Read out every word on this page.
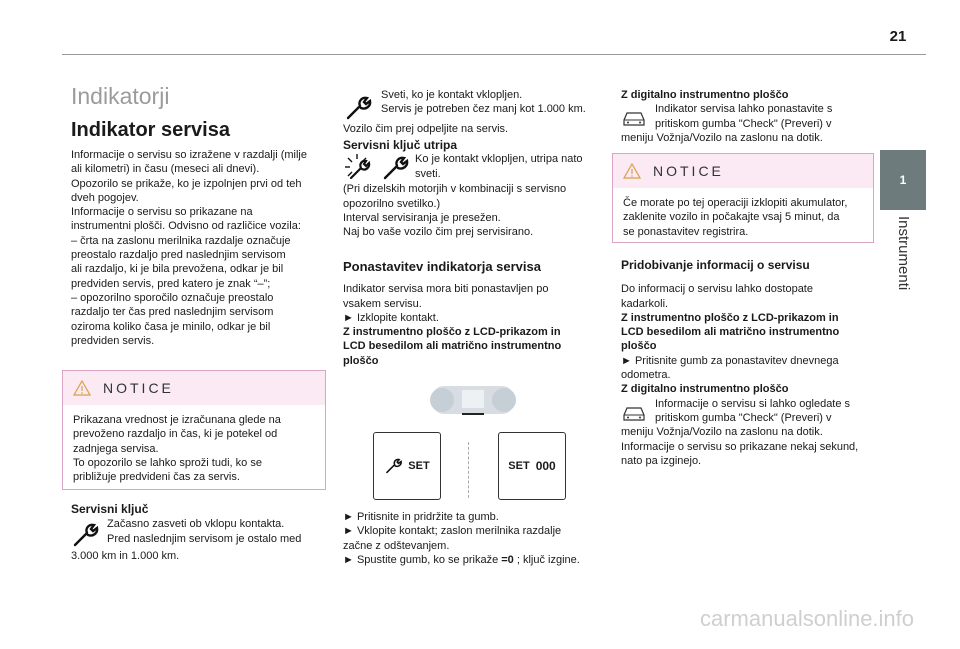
21
1
Instrumenti
Indikatorji
Indikator servisa
Informacije o servisu so izražene v razdalji (milje
ali kilometri) in času (meseci ali dnevi).
Opozorilo se prikaže, ko je izpolnjen prvi od teh
dveh pogojev.
Informacije o servisu so prikazane na
instrumentni plošči. Odvisno od različice vozila:
– črta na zaslonu merilnika razdalje označuje
preostalo razdaljo pred naslednjim servisom
ali razdaljo, ki je bila prevožena, odkar je bil
predviden servis, pred katero je znak “–”;
– opozorilno sporočilo označuje preostalo
razdaljo ter čas pred naslednjim servisom
oziroma koliko časa je minilo, odkar je bil
predviden servis.
NOTICE
Prikazana vrednost je izračunana glede na
prevoženo razdaljo in čas, ki je potekel od
zadnjega servisa.
To opozorilo se lahko sproži tudi, ko se
približuje predvideni čas za servis.
Servisni ključ
Začasno zasveti ob vklopu kontakta.
Pred naslednjim servisom je ostalo med
3.000 km in 1.000 km.
Sveti, ko je kontakt vklopljen.
Servis je potreben čez manj kot 1.000 km.
Vozilo čim prej odpeljite na servis.
Servisni ključ utripa
Ko je kontakt vklopljen, utripa nato
sveti.
(Pri dizelskih motorjih v kombinaciji s servisno
opozorilno svetilko.)
Interval servisiranja je presežen.
Naj bo vaše vozilo čim prej servisirano.
Ponastavitev indikatorja servisa
Indikator servisa mora biti ponastavljen po
vsakem servisu.
► Izklopite kontakt.
Z instrumentno ploščo z LCD-prikazom in
LCD besedilom ali matrično instrumentno
ploščo
SET	SET 000
► Pritisnite in pridržite ta gumb.
► Vklopite kontakt; zaslon merilnika razdalje
začne z odštevanjem.
► Spustite gumb, ko se prikaže =0 ; ključ izgine.
Z digitalno instrumentno ploščo
Indikator servisa lahko ponastavite s
pritiskom gumba "Check" (Preveri) v
meniju Vožnja/Vozilo na zaslonu na dotik.
NOTICE
Če morate po tej operaciji izklopiti akumulator,
zaklenite vozilo in počakajte vsaj 5 minut, da
se ponastavitev registrira.
Pridobivanje informacij o servisu
Do informacij o servisu lahko dostopate
kadarkoli.
Z instrumentno ploščo z LCD-prikazom in
LCD besedilom ali matrično instrumentno
ploščo
► Pritisnite gumb za ponastavitev dnevnega
odometra.
Z digitalno instrumentno ploščo
Informacije o servisu si lahko ogledate s
pritiskom gumba "Check" (Preveri) v
meniju Vožnja/Vozilo na zaslonu na dotik.
Informacije o servisu so prikazane nekaj sekund,
nato pa izginejo.
carmanualsonline.info
